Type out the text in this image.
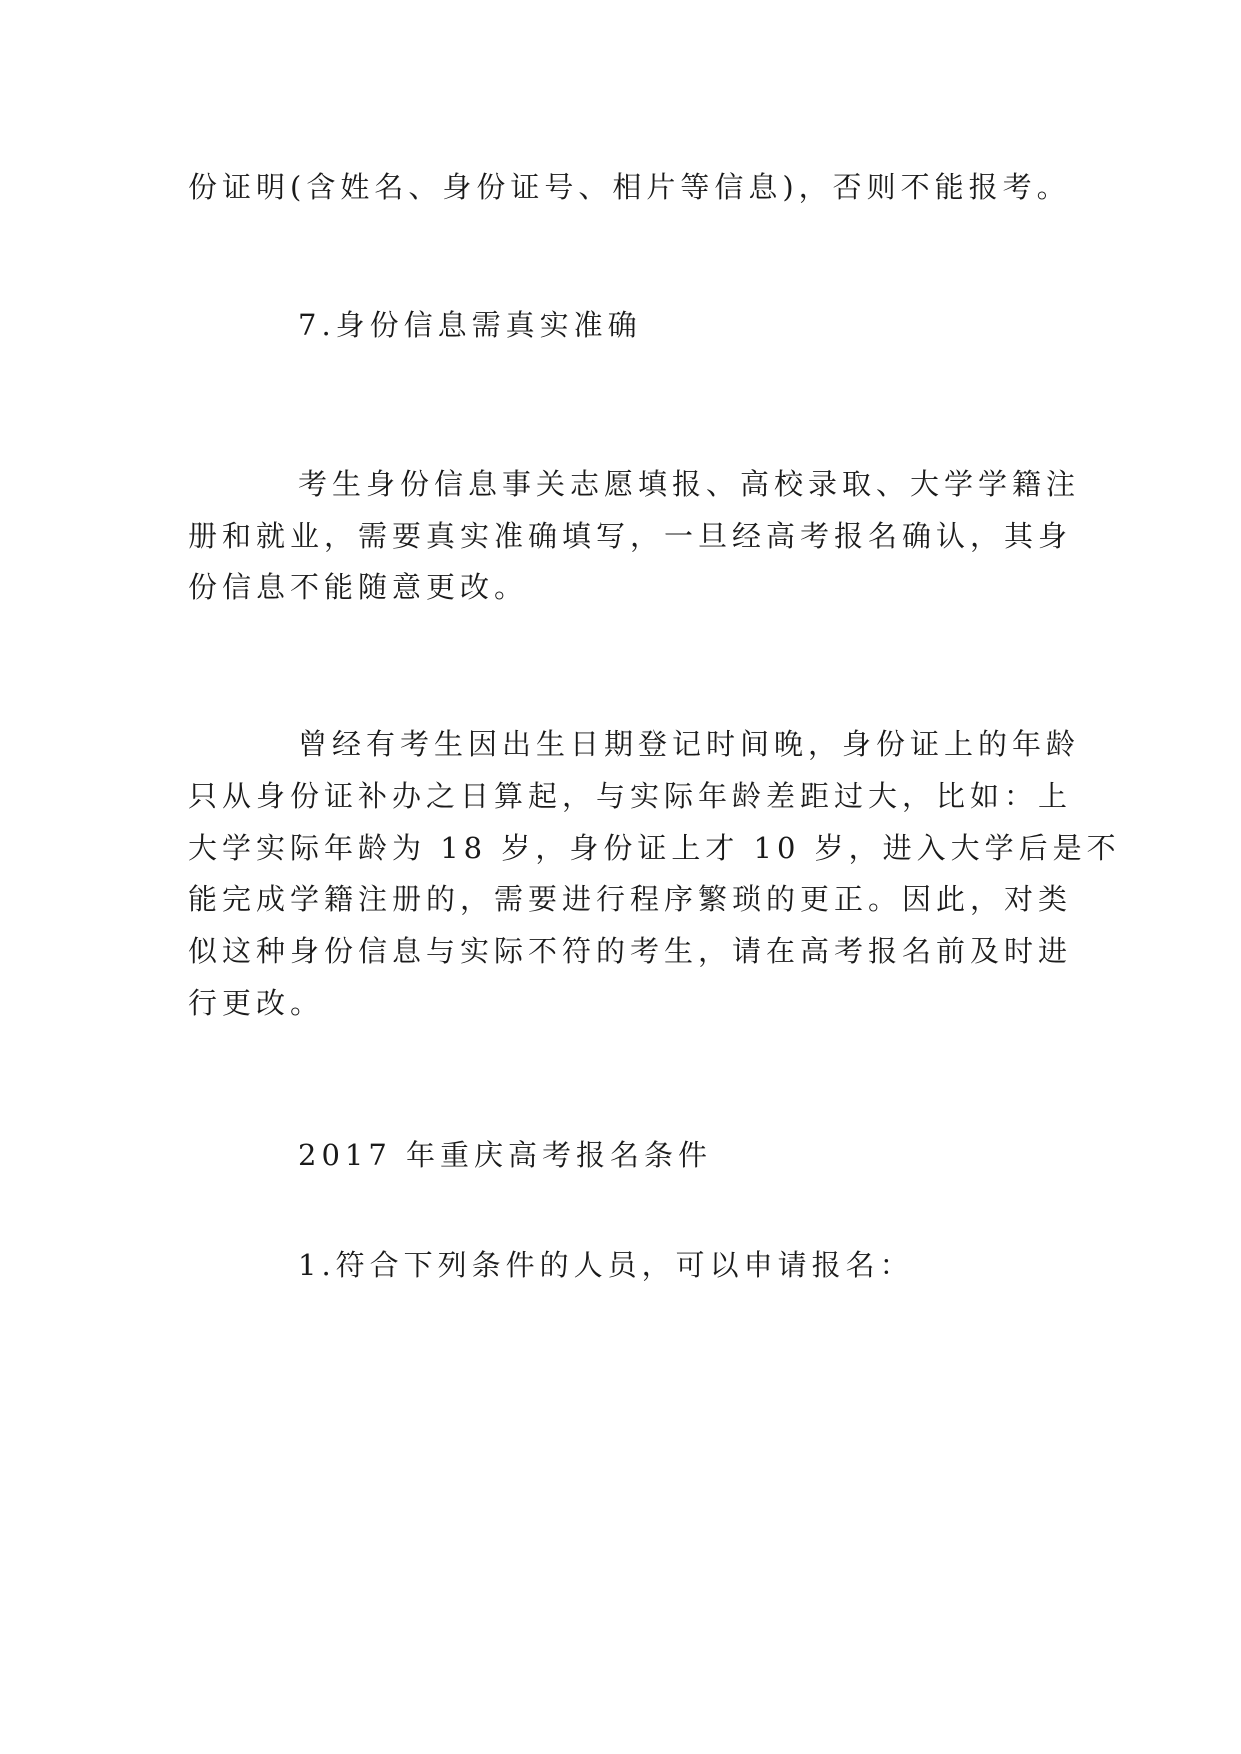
份证明(含姓名、身份证号、相片等信息)，否则不能报考。

7.身份信息需真实准确

考生身份信息事关志愿填报、高校录取、大学学籍注

册和就业，需要真实准确填写，一旦经高考报名确认，其身

份信息不能随意更改。

曾经有考生因出生日期登记时间晚，身份证上的年龄

只从身份证补办之日算起，与实际年龄差距过大，比如：上

大学实际年龄为 18 岁，身份证上才 10 岁，进入大学后是不

能完成学籍注册的，需要进行程序繁琐的更正。因此，对类

似这种身份信息与实际不符的考生，请在高考报名前及时进

行更改。

2017 年重庆高考报名条件

1.符合下列条件的人员，可以申请报名：
